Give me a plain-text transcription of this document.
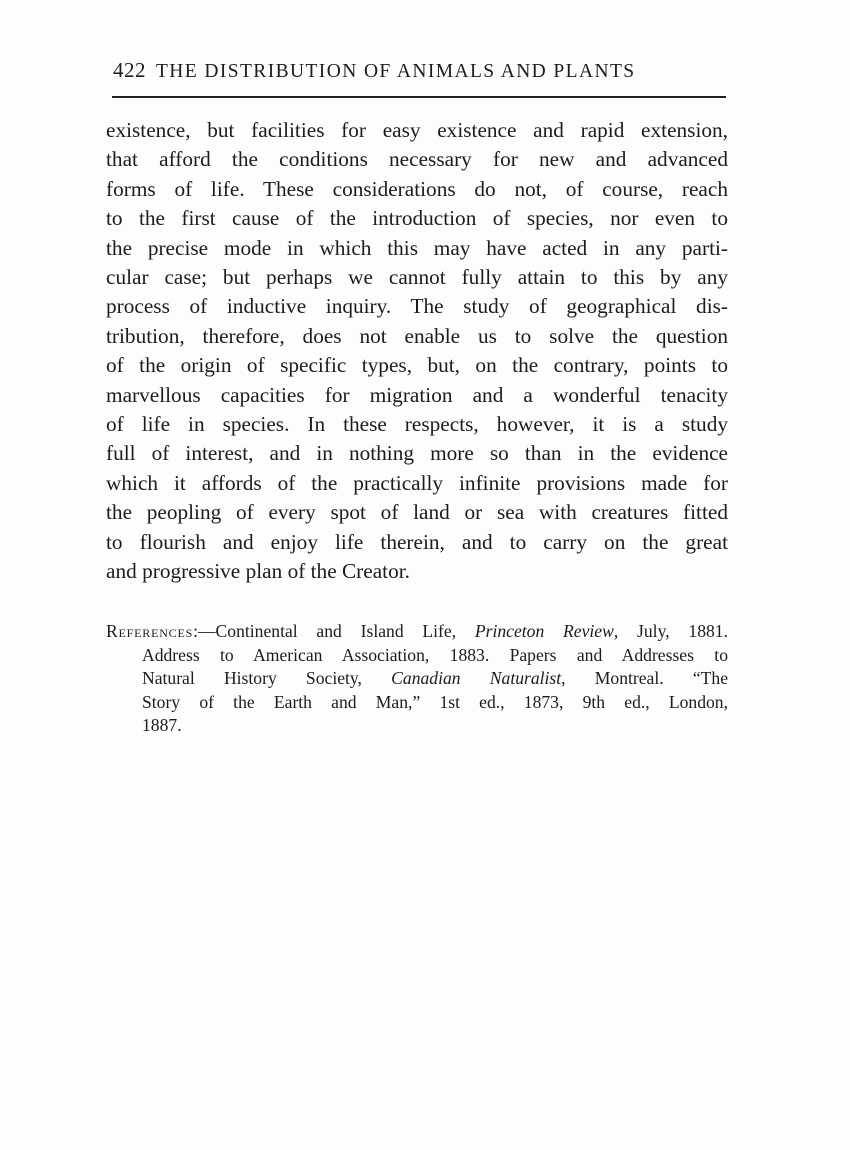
422 THE DISTRIBUTION OF ANIMALS AND PLANTS
existence, but facilities for easy existence and rapid extension,
that afford the conditions necessary for new and advanced
forms of life. These considerations do not, of course, reach
to the first cause of the introduction of species, nor even to
the precise mode in which this may have acted in any parti-
cular case; but perhaps we cannot fully attain to this by any
process of inductive inquiry. The study of geographical dis-
tribution, therefore, does not enable us to solve the question
of the origin of specific types, but, on the contrary, points to
marvellous capacities for migration and a wonderful tenacity
of life in species. In these respects, however, it is a study
full of interest, and in nothing more so than in the evidence
which it affords of the practically infinite provisions made for
the peopling of every spot of land or sea with creatures fitted
to flourish and enjoy life therein, and to carry on the great
and progressive plan of the Creator.
References:—Continental and Island Life, Princeton Review, July, 1881.
Address to American Association, 1883. Papers and Addresses to
Natural History Society, Canadian Naturalist, Montreal. “The
Story of the Earth and Man,” 1st ed., 1873, 9th ed., London,
1887.
